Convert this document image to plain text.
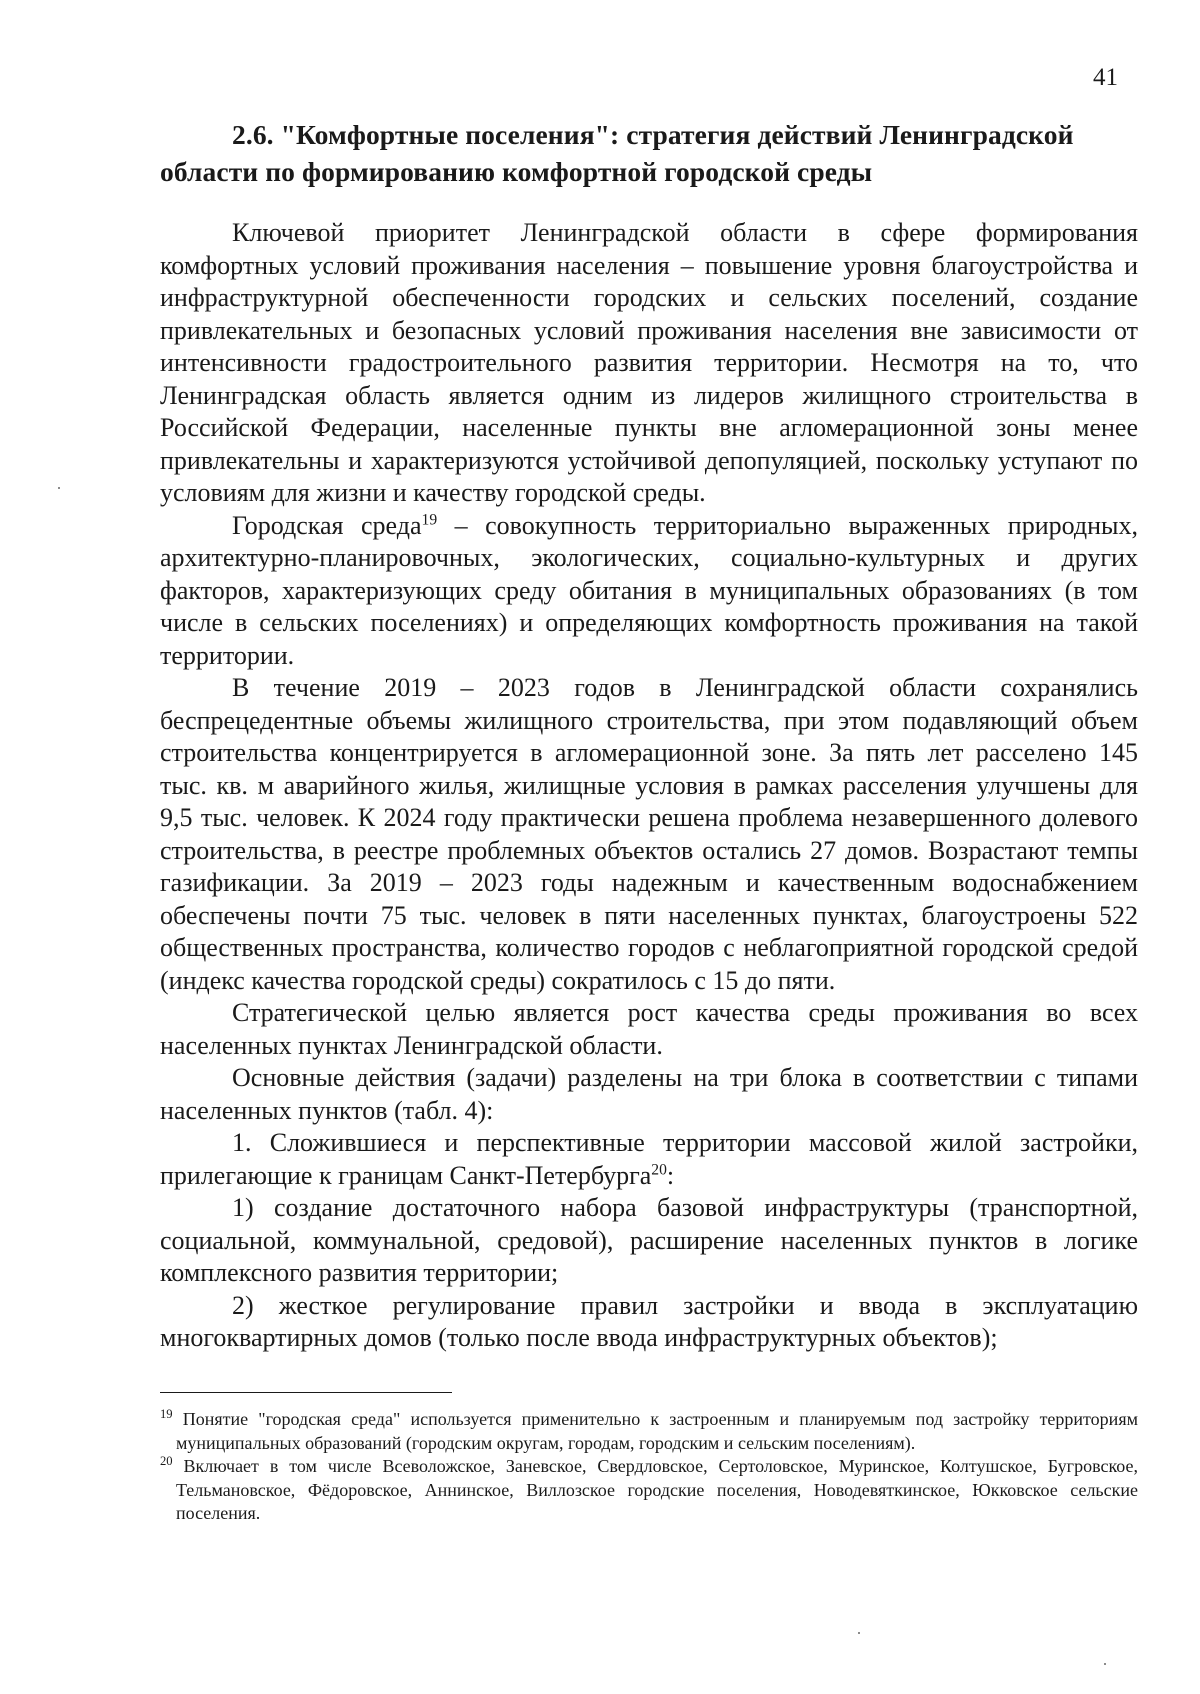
41
2.6. "Комфортные поселения": стратегия действий Ленинградской области по формированию комфортной городской среды

Ключевой приоритет Ленинградской области в сфере формирования комфортных условий проживания населения – повышение уровня благоустройства и инфраструктурной обеспеченности городских и сельских поселений, создание привлекательных и безопасных условий проживания населения вне зависимости от интенсивности градостроительного развития территории. Несмотря на то, что Ленинградская область является одним из лидеров жилищного строительства в Российской Федерации, населенные пункты вне агломерационной зоны менее привлекательны и характеризуются устойчивой депопуляцией, поскольку уступают по условиям для жизни и качеству городской среды.

Городская среда$^{19}$ – совокупность территориально выраженных природных, архитектурно-планировочных, экологических, социально-культурных и других факторов, характеризующих среду обитания в муниципальных образованиях (в том числе в сельских поселениях) и определяющих комфортность проживания на такой территории.

В течение 2019 – 2023 годов в Ленинградской области сохранялись беспрецедентные объемы жилищного строительства, при этом подавляющий объем строительства концентрируется в агломерационной зоне. За пять лет расселено 145 тыс. кв. м аварийного жилья, жилищные условия в рамках расселения улучшены для 9,5 тыс. человек. К 2024 году практически решена проблема незавершенного долевого строительства, в реестре проблемных объектов остались 27 домов. Возрастают темпы газификации. За 2019 – 2023 годы надежным и качественным водоснабжением обеспечены почти 75 тыс. человек в пяти населенных пунктах, благоустроены 522 общественных пространства, количество городов с неблагоприятной городской средой (индекс качества городской среды) сократилось с 15 до пяти.

Стратегической целью является рост качества среды проживания во всех населенных пунктах Ленинградской области.

Основные действия (задачи) разделены на три блока в соответствии с типами населенных пунктов (табл. 4):

1. Сложившиеся и перспективные территории массовой жилой застройки, прилегающие к границам Санкт-Петербурга$^{20}$:

1) создание достаточного набора базовой инфраструктуры (транспортной, социальной, коммунальной, средовой), расширение населенных пунктов в логике комплексного развития территории;

2) жесткое регулирование правил застройки и ввода в эксплуатацию многоквартирных домов (только после ввода инфраструктурных объектов);

$^{19}$ Понятие "городская среда" используется применительно к застроенным и планируемым под застройку территориям муниципальных образований (городским округам, городам, городским и сельским поселениям).

$^{20}$ Включает в том числе Всеволожское, Заневское, Свердловское, Сертоловское, Муринское, Колтушское, Бугровское, Тельмановское, Фёдоровское, Аннинское, Виллозское городские поселения, Новодевяткинское, Юкковское сельские поселения.
